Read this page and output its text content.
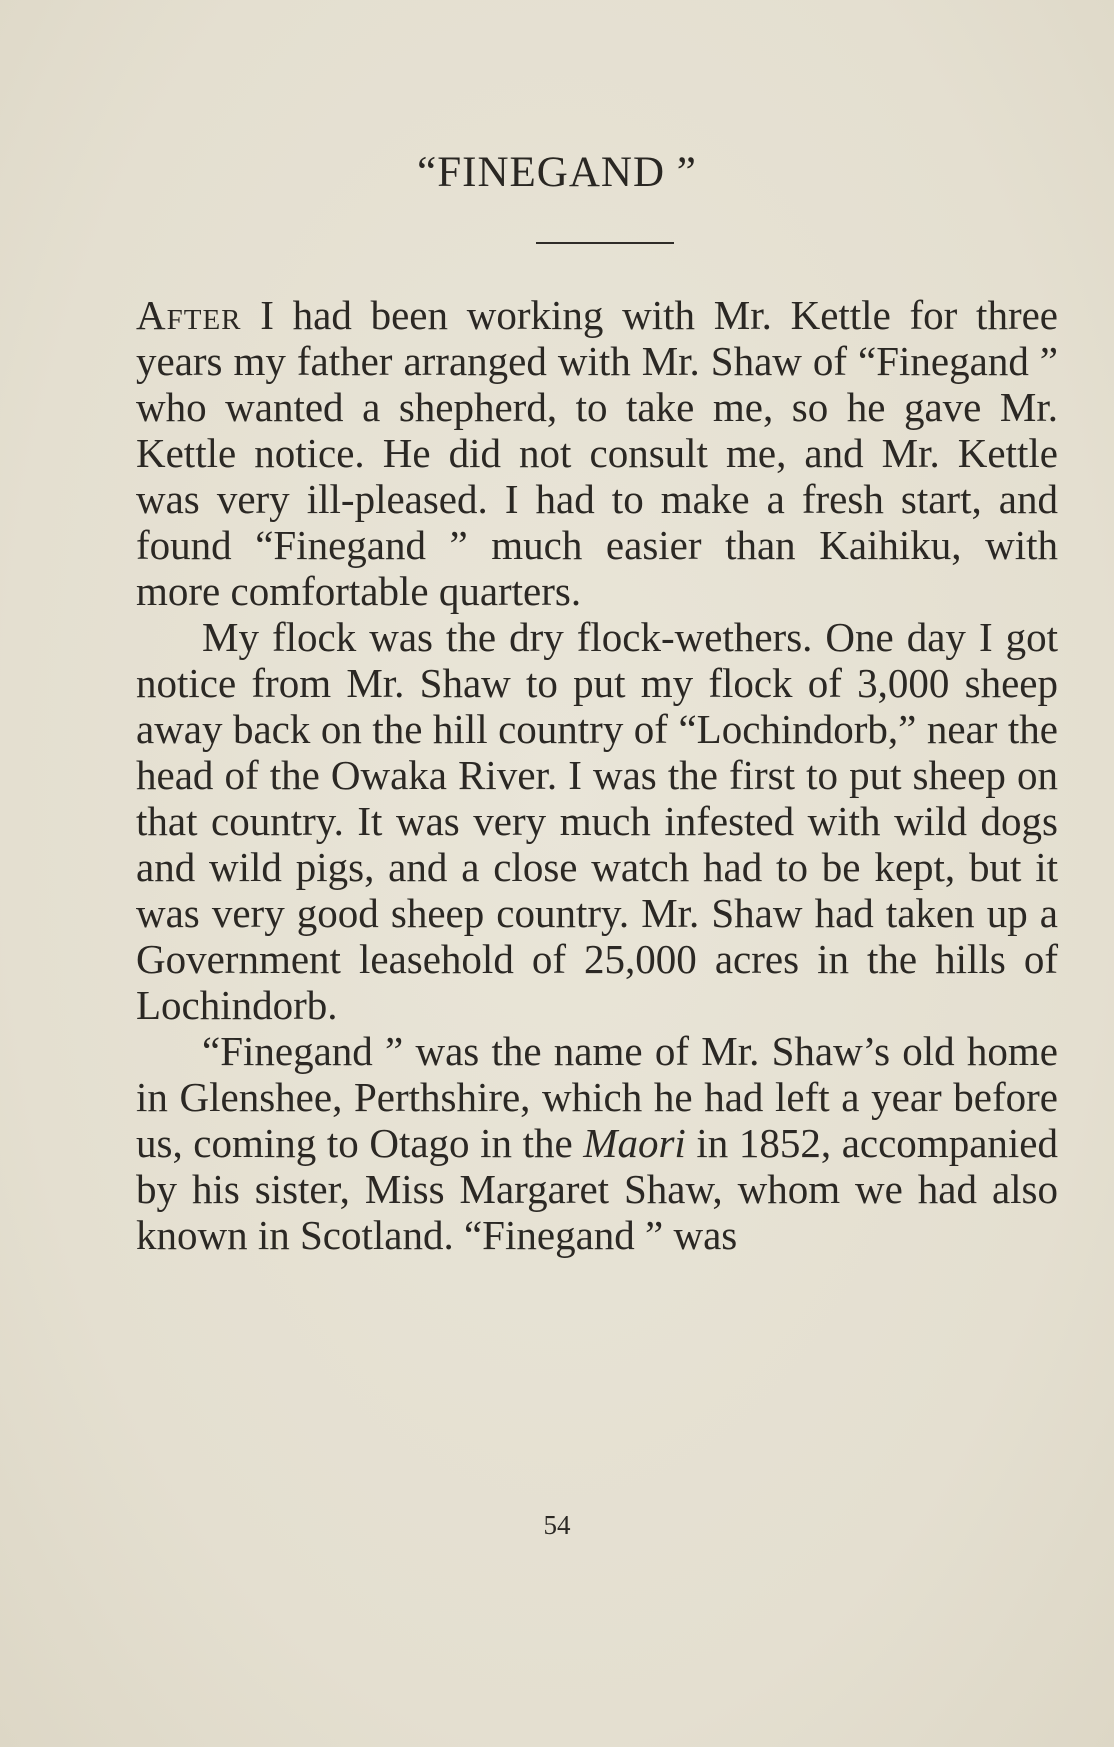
“FINEGAND ”

After I had been working with Mr. Kettle for three years my father arranged with Mr. Shaw of “Finegand ” who wanted a shepherd, to take me, so he gave Mr. Kettle notice. He did not consult me, and Mr. Kettle was very ill-pleased. I had to make a fresh start, and found “Finegand ” much easier than Kaihiku, with more comfortable quarters.

My flock was the dry flock-wethers. One day I got notice from Mr. Shaw to put my flock of 3,000 sheep away back on the hill country of “Lochindorb,” near the head of the Owaka River. I was the first to put sheep on that country. It was very much infested with wild dogs and wild pigs, and a close watch had to be kept, but it was very good sheep country. Mr. Shaw had taken up a Government leasehold of 25,000 acres in the hills of Lochindorb.

“Finegand ” was the name of Mr. Shaw’s old home in Glenshee, Perthshire, which he had left a year before us, coming to Otago in the Maori in 1852, accompanied by his sister, Miss Margaret Shaw, whom we had also known in Scotland. “Finegand ” was

54
